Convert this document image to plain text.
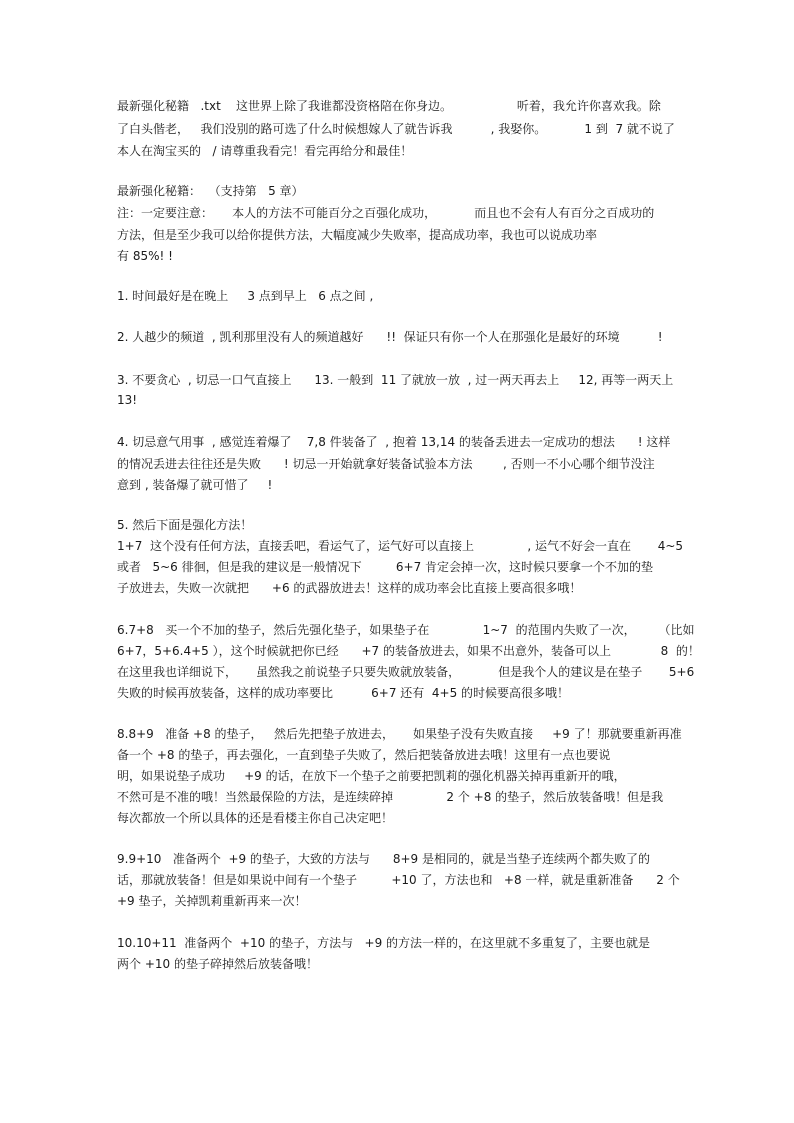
最新强化秘籍   .txt    这世界上除了我谁都没资格陪在你身边。                 听着，我允许你喜欢我。除
了白头偕老，   我们没别的路可选了什么时候想嫁人了就告诉我          , 我娶你。          1 到  7 就不说了
本人在淘宝买的   / 请尊重我看完！看完再给分和最佳！
最新强化秘籍：  （支持第   5 章）
注：一定要注意：     本人的方法不可能百分之百强化成功，          而且也不会有人有百分之百成功的
方法，但是至少我可以给你提供方法，大幅度减少失败率，提高成功率，我也可以说成功率
有 85%! !
1. 时间最好是在晚上     3 点到早上   6 点之间 ,
2. 人越少的频道  , 凯利那里没有人的频道越好      !!  保证只有你一个人在那强化是最好的环境          !
3. 不要贪心  , 切忌一口气直接上      13. 一般到  11 了就放一放  , 过一两天再去上     12, 再等一两天上
13!
4. 切忌意气用事  , 感觉连着爆了    7,8 件装备了  , 抱着 13,14 的装备丢进去一定成功的想法      ! 这样
的情况丢进去往往还是失败      ! 切忌一开始就拿好装备试验本方法        , 否则一不小心哪个细节没注
意到 , 装备爆了就可惜了     !
5. 然后下面是强化方法！
1+7  这个没有任何方法，直接丢吧，看运气了，运气好可以直接上              , 运气不好会一直在       4~5
或者   5~6 徘徊，但是我的建议是一般情况下         6+7 肯定会掉一次，这时候只要拿一个不加的垫
子放进去，失败一次就把      +6 的武器放进去！这样的成功率会比直接上要高很多哦！
6.7+8   买一个不加的垫子，然后先强化垫子，如果垫子在              1~7  的范围内失败了一次，      （比如
6+7，5+6.4+5 ），这个时候就把你已经      +7 的装备放进去，如果不出意外，装备可以上             8  的！
在这里我也详细说下，     虽然我之前说垫子只要失败就放装备，          但是我个人的建议是在垫子       5+6
失败的时候再放装备，这样的成功率要比          6+7 还有  4+5 的时候要高很多哦！
8.8+9   准备 +8 的垫子，   然后先把垫子放进去，     如果垫子没有失败直接     +9 了！那就要重新再准
备一个 +8 的垫子，再去强化，一直到垫子失败了，然后把装备放进去哦！这里有一点也要说
明，如果说垫子成功     +9 的话，在放下一个垫子之前要把凯莉的强化机器关掉再重新开的哦，
不然可是不准的哦！当然最保险的方法，是连续碎掉              2 个 +8 的垫子，然后放装备哦！但是我
每次都放一个所以具体的还是看楼主你自己决定吧！
9.9+10   准备两个  +9 的垫子，大致的方法与      8+9 是相同的，就是当垫子连续两个都失败了的
话，那就放装备！但是如果说中间有一个垫子         +10 了，方法也和   +8 一样，就是重新准备      2 个
+9 垫子，关掉凯莉重新再来一次！
10.10+11  准备两个  +10 的垫子，方法与   +9 的方法一样的，在这里就不多重复了，主要也就是
两个 +10 的垫子碎掉然后放装备哦！
